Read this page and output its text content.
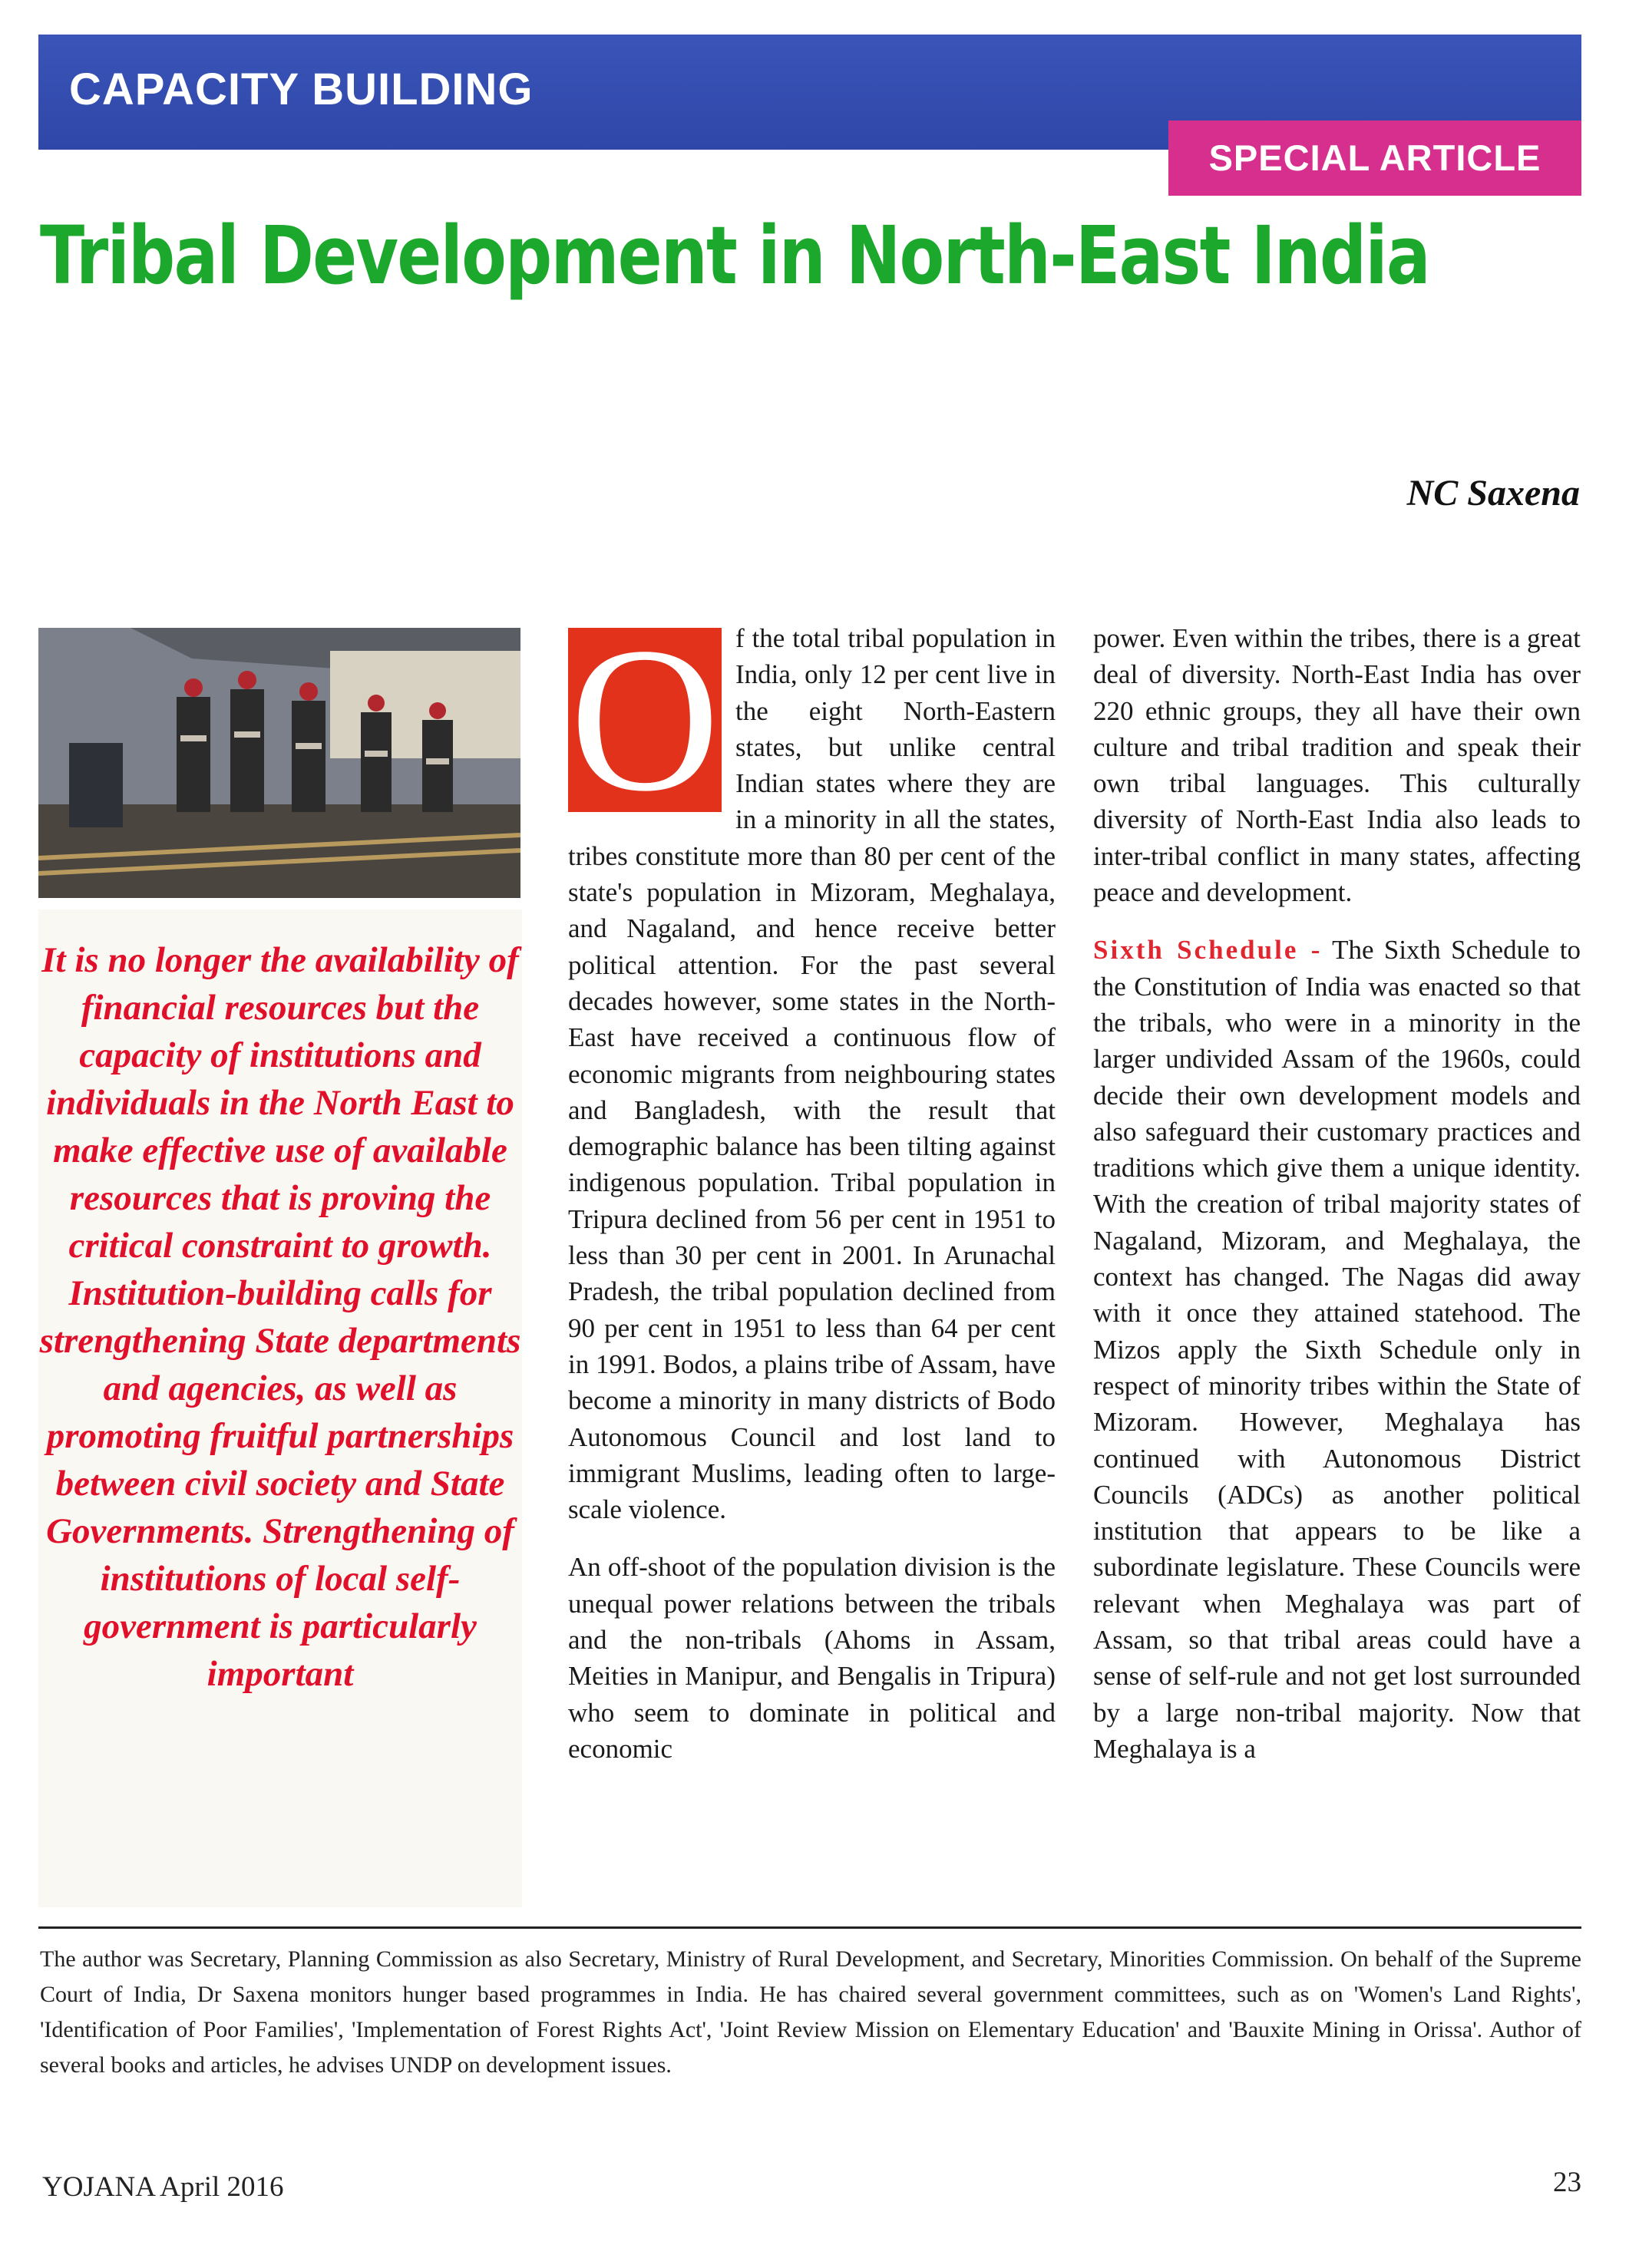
CAPACITY BUILDING
SPECIAL ARTICLE
Tribal Development in North-East India
NC Saxena
It is no longer the availability of financial resources but the capacity of institutions and individuals in the North East to make effective use of available resources that is proving the critical constraint to growth. Institution-building calls for strengthening State departments and agencies, as well as promoting fruitful partnerships between civil society and State Governments. Strengthening of institutions of local self-government is particularly important

O f the total tribal population in India, only 12 per cent live in the eight North-Eastern states, but unlike central Indian states where they are in a minority in all the states, tribes constitute more than 80 per cent of the state's population in Mizoram, Meghalaya, and Nagaland, and hence receive better political attention. For the past several decades however, some states in the North-East have received a continuous flow of economic migrants from neighbouring states and Bangladesh, with the result that demographic balance has been tilting against indigenous population. Tribal population in Tripura declined from 56 per cent in 1951 to less than 30 per cent in 2001. In Arunachal Pradesh, the tribal population declined from 90 per cent in 1951 to less than 64 per cent in 1991. Bodos, a plains tribe of Assam, have become a minority in many districts of Bodo Autonomous Council and lost land to immigrant Muslims, leading often to large-scale violence.

An off-shoot of the population division is the unequal power relations between the tribals and the non-tribals (Ahoms in Assam, Meities in Manipur, and Bengalis in Tripura) who seem to dominate in political and economic

power. Even within the tribes, there is a great deal of diversity. North-East India has over 220 ethnic groups, they all have their own culture and tribal tradition and speak their own tribal languages. This culturally diversity of North-East India also leads to inter-tribal conflict in many states, affecting peace and development.

Sixth Schedule - The Sixth Schedule to the Constitution of India was enacted so that the tribals, who were in a minority in the larger undivided Assam of the 1960s, could decide their own development models and also safeguard their customary practices and traditions which give them a unique identity. With the creation of tribal majority states of Nagaland, Mizoram, and Meghalaya, the context has changed. The Nagas did away with it once they attained statehood. The Mizos apply the Sixth Schedule only in respect of minority tribes within the State of Mizoram. However, Meghalaya has continued with Autonomous District Councils (ADCs) as another political institution that appears to be like a subordinate legislature. These Councils were relevant when Meghalaya was part of Assam, so that tribal areas could have a sense of self-rule and not get lost surrounded by a large non-tribal majority. Now that Meghalaya is a

The author was Secretary, Planning Commission as also Secretary, Ministry of Rural Development, and Secretary, Minorities Commission. On behalf of the Supreme Court of India, Dr Saxena monitors hunger based programmes in India. He has chaired several government committees, such as on 'Women's Land Rights', 'Identification of Poor Families', 'Implementation of Forest Rights Act', 'Joint Review Mission on Elementary Education' and 'Bauxite Mining in Orissa'. Author of several books and articles, he advises UNDP on development issues.
YOJANA April 2016	23
